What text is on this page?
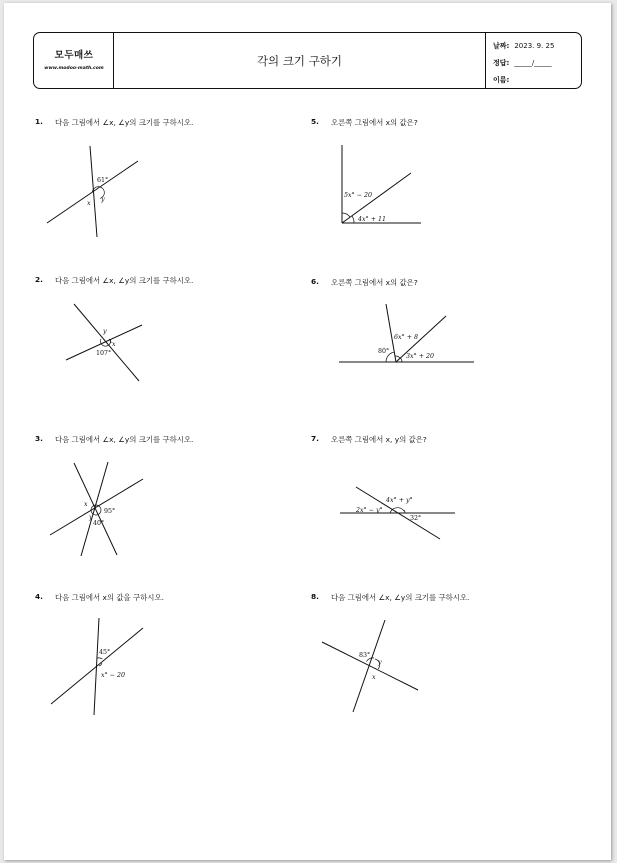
모두매쓰
www.modoo-math.com
각의 크기 구하기
날짜: 2023. 9. 25
정답: _____/_____
이름:
1. 다음 그림에서 ∠x, ∠y의 크기를 구하시오.
61°
y
x
2. 다음 그림에서 ∠x, ∠y의 크기를 구하시오.
y
x
107°
3. 다음 그림에서 ∠x, ∠y의 크기를 구하시오.
x
y
95°
40°
4. 다음 그림에서 x의 값을 구하시오.
45°
x° − 20
5. 오른쪽 그림에서 x의 값은?
5x° − 20
4x° + 11
6. 오른쪽 그림에서 x의 값은?
6x° + 8
80°
3x° + 20
7. 오른쪽 그림에서 x, y의 값은?
4x° + y°
2x° − y°
32°
8. 다음 그림에서 ∠x, ∠y의 크기를 구하시오.
83°
y
x
